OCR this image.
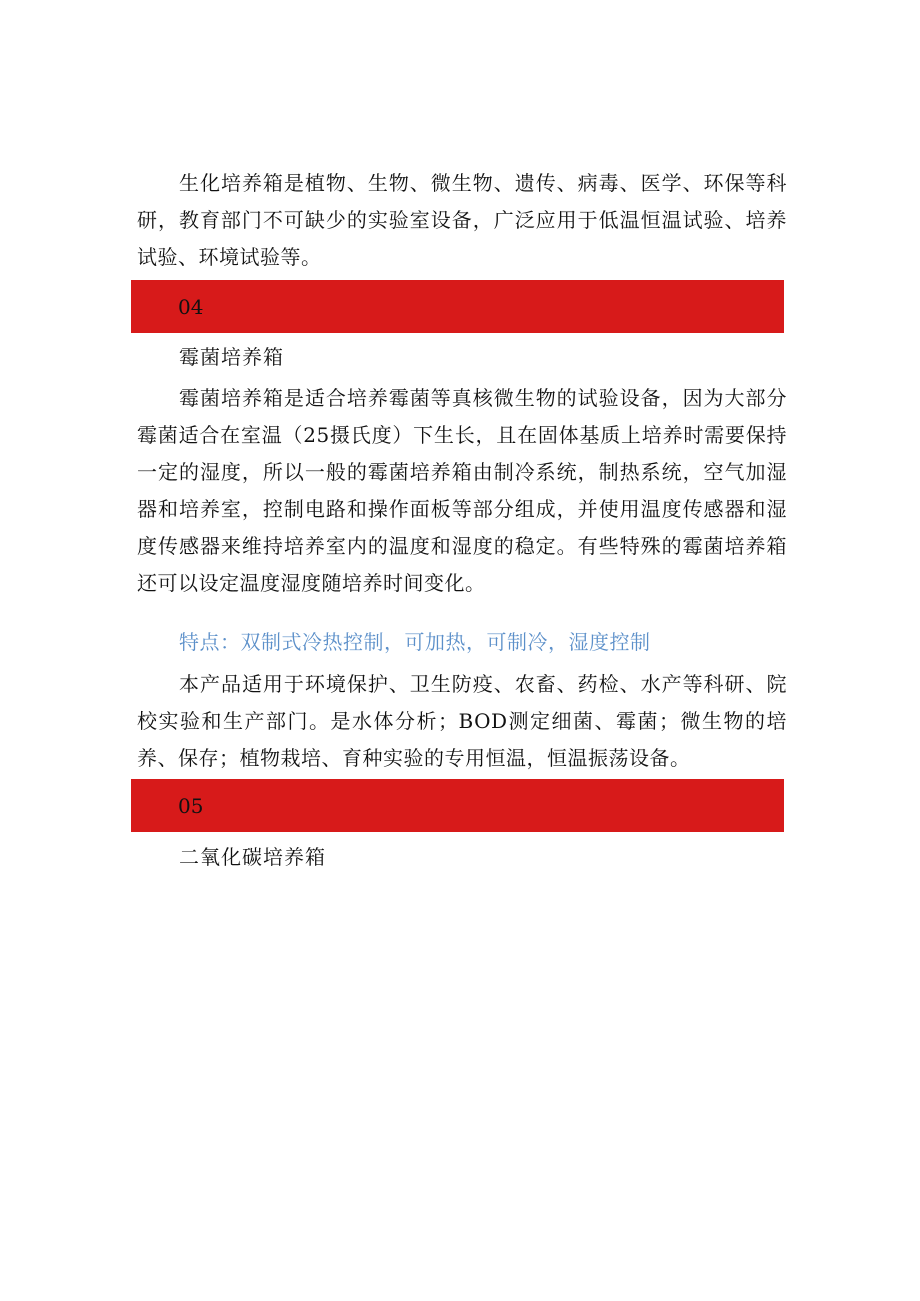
生化培养箱是植物、生物、微生物、遗传、病毒、医学、环保等科研，教育部门不可缺少的实验室设备，广泛应用于低温恒温试验、培养试验、环境试验等。

04
霉菌培养箱

霉菌培养箱是适合培养霉菌等真核微生物的试验设备，因为大部分霉菌适合在室温（25摄氏度）下生长，且在固体基质上培养时需要保持一定的湿度，所以一般的霉菌培养箱由制冷系统，制热系统，空气加湿器和培养室，控制电路和操作面板等部分组成，并使用温度传感器和湿度传感器来维持培养室内的温度和湿度的稳定。有些特殊的霉菌培养箱还可以设定温度湿度随培养时间变化。

特点：双制式冷热控制，可加热，可制冷，湿度控制

本产品适用于环境保护、卫生防疫、农畜、药检、水产等科研、院校实验和生产部门。是水体分析；BOD测定细菌、霉菌；微生物的培养、保存；植物栽培、育种实验的专用恒温，恒温振荡设备。

05
二氧化碳培养箱
